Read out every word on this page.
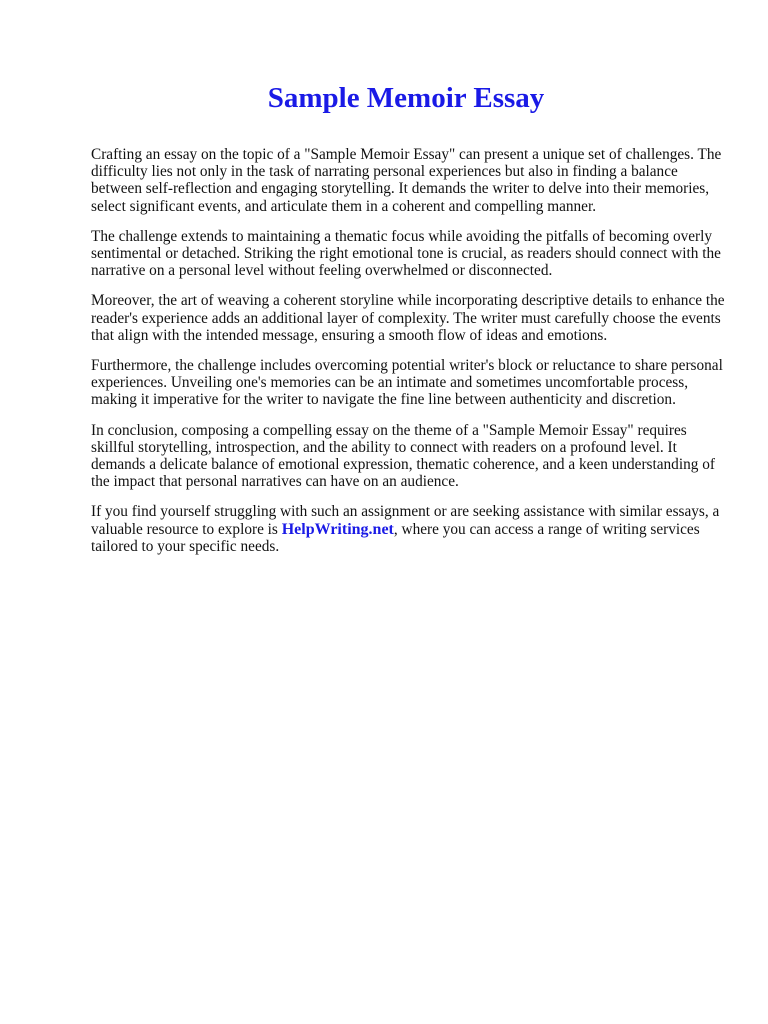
Sample Memoir Essay

Crafting an essay on the topic of a "Sample Memoir Essay" can present a unique set of challenges. The difficulty lies not only in the task of narrating personal experiences but also in finding a balance between self-reflection and engaging storytelling. It demands the writer to delve into their memories, select significant events, and articulate them in a coherent and compelling manner.

The challenge extends to maintaining a thematic focus while avoiding the pitfalls of becoming overly sentimental or detached. Striking the right emotional tone is crucial, as readers should connect with the narrative on a personal level without feeling overwhelmed or disconnected.

Moreover, the art of weaving a coherent storyline while incorporating descriptive details to enhance the reader's experience adds an additional layer of complexity. The writer must carefully choose the events that align with the intended message, ensuring a smooth flow of ideas and emotions.

Furthermore, the challenge includes overcoming potential writer's block or reluctance to share personal experiences. Unveiling one's memories can be an intimate and sometimes uncomfortable process, making it imperative for the writer to navigate the fine line between authenticity and discretion.

In conclusion, composing a compelling essay on the theme of a "Sample Memoir Essay" requires skillful storytelling, introspection, and the ability to connect with readers on a profound level. It demands a delicate balance of emotional expression, thematic coherence, and a keen understanding of the impact that personal narratives can have on an audience.

If you find yourself struggling with such an assignment or are seeking assistance with similar essays, a valuable resource to explore is HelpWriting.net, where you can access a range of writing services tailored to your specific needs.
